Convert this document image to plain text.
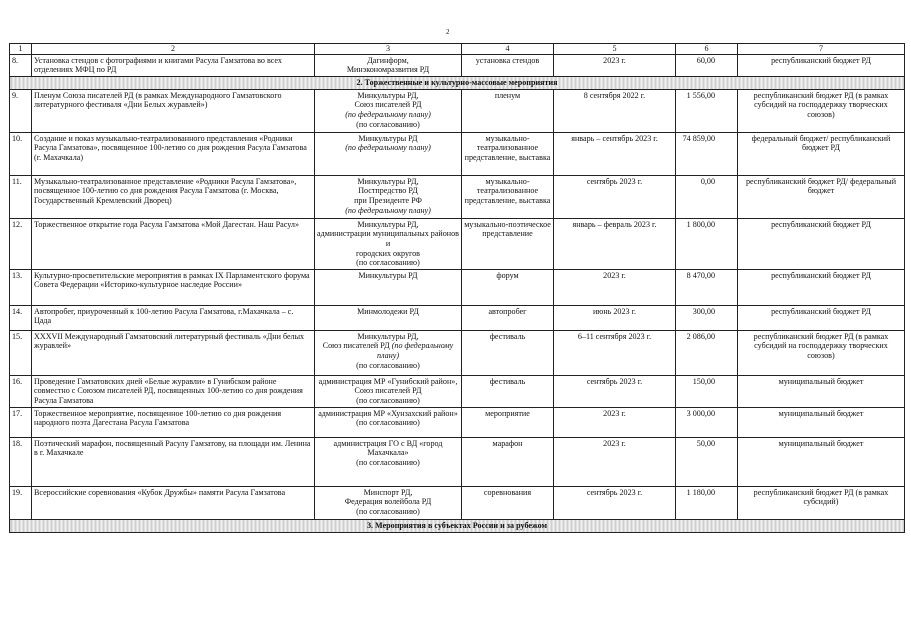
2
1	2	3	4	5	6	7
8.	Установка стендов с фотографиями и книгами Расула Гамзатова во всех отделениях МФЦ по РД	Дагинформ,
Минэкономразвития РД	установка стендов	2023 г.	60,00	республиканский бюджет РД
2. Торжественные и культурно-массовые мероприятия						
9.	Пленум Союза писателей РД (в рамках Международного Гамзатовского литературного фестиваля «Дни Белых журавлей»)	Минкультуры РД,
Союз писателей РД
(по федеральному плану)
(по согласованию)	пленум	8 сентября 2022 г.	1 556,00	республиканский бюджет РД (в рамках субсидий на господдержку творческих союзов)
10.	Создание и показ музыкально-театрализованного представления «Родники Расула Гамзатова», посвященное 100-летию со дня рождения Расула Гамзатова (г. Махачкала)	Минкультуры РД
(по федеральному плану)	музыкально-театрализованное представление, выставка	январь – сентябрь 2023 г.	74 859,00	федеральный бюджет/ республиканский бюджет РД
11.	Музыкально-театрализованное представление «Родники Расула Гамзатова», посвященное 100-летию со дня рождения Расула Гамзатова (г. Москва, Государственный Кремлевский Дворец)	Минкультуры РД,
Постпредство РД
при Президенте РФ
(по федеральному плану)	музыкально-театрализованное представление, выставка	сентябрь 2023 г.	0,00	республиканский бюджет РД/ федеральный бюджет
12.	Торжественное открытие года Расула Гамзатова «Мой Дагестан. Наш Расул»	Минкультуры РД,
администрации муниципальных районов и
городских округов
(по согласованию)	музыкально-поэтическое представление	январь – февраль 2023 г.	1 800,00	республиканский бюджет РД
13.	Культурно-просветительские мероприятия в рамках IX Парламентского форума Совета Федерации «Историко-культурное наследие России»	Минкультуры РД	форум	2023 г.	8 470,00	республиканский бюджет РД
14.	Автопробег, приуроченный к 100-летию Расула Гамзатова, г.Махачкала – с. Цада	Минмолодежи РД	автопробег	июнь 2023 г.	300,00	республиканский бюджет РД
15.	XXXVII Международный Гамзатовский литературный фестиваль «Дни белых журавлей»	Минкультуры РД,
Союз писателей РД (по федеральному плану)
(по согласованию)	фестиваль	6–11 сентября 2023 г.	2 086,00	республиканский бюджет РД (в рамках субсидий на господдержку творческих союзов)
16.	Проведение Гамзатовских дней «Белые журавли» в Гунибском районе совместно с Союзом писателей РД, посвященных 100-летию со дня рождения Расула Гамзатова	администрация МР «Гунибский район»,
Союз писателей РД
(по согласованию)	фестиваль	сентябрь 2023 г.	150,00	муниципальный бюджет
17.	Торжественное мероприятие, посвященное 100-летию со дня рождения народного поэта Дагестана Расула Гамзатова	администрация МР «Хунзахский район»
(по согласованию)	мероприятие	2023 г.	3 000,00	муниципальный бюджет
18.	Поэтический марафон, посвященный Расулу Гамзатову, на площади им. Ленина в г. Махачкале	администрация ГО с ВД «город
Махачкала»
(по согласованию)	марафон	2023 г.	50,00	муниципальный бюджет
19.	Всероссийские соревнования «Кубок Дружбы» памяти Расула Гамзатова	Минспорт РД,
Федерация волейбола РД
(по согласованию)	соревнования	сентябрь 2023 г.	1 180,00	республиканский бюджет РД (в рамках субсидий)
3. Мероприятия в субъектах России и за рубежом						
